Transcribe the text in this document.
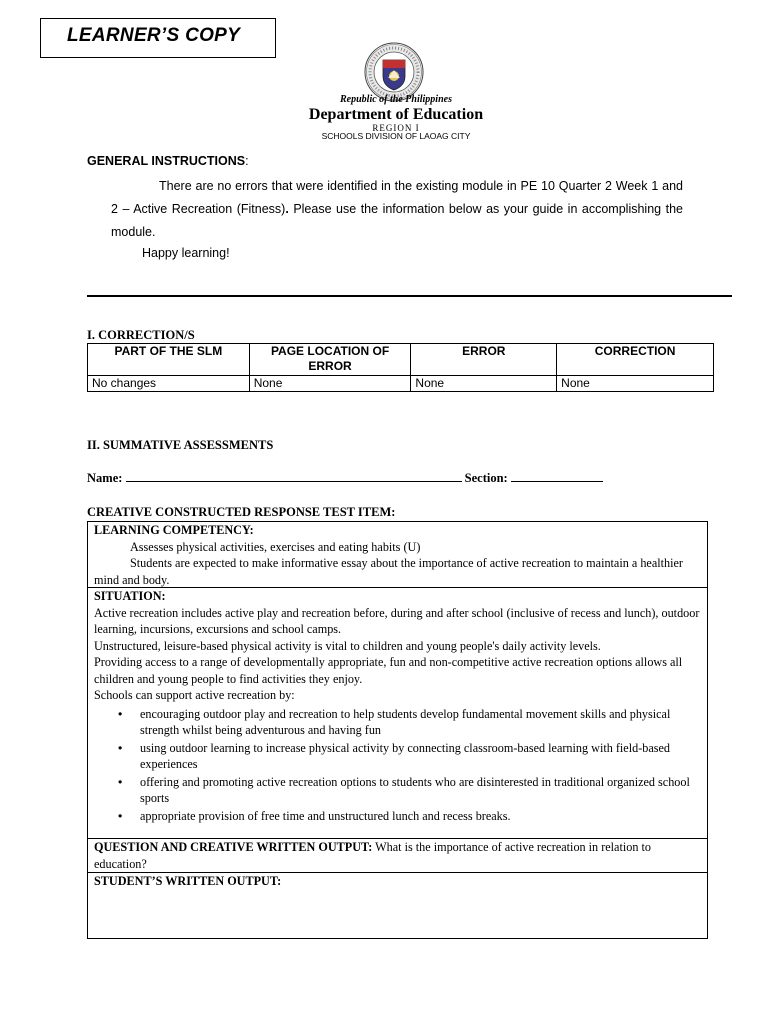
LEARNER’S COPY
Republic of the Philippines
Department of Education
REGION I
SCHOOLS DIVISION OF LAOAG CITY
GENERAL INSTRUCTIONS:
There are no errors that were identified in the existing module in PE 10 Quarter 2 Week 1 and 2 – Active Recreation (Fitness). Please use the information below as your guide in accomplishing the module.
Happy learning!
I. CORRECTION/S
PART OF THE SLM	PAGE LOCATION OF ERROR	ERROR	CORRECTION
No changes	None	None	None
II. SUMMATIVE ASSESSMENTS
Name:	Section:
CREATIVE CONSTRUCTED RESPONSE TEST ITEM:
LEARNING COMPETENCY:
Assesses physical activities, exercises and eating habits (U)
Students are expected to make informative essay about the importance of active recreation to maintain a healthier mind and body.
SITUATION:
Active recreation includes active play and recreation before, during and after school (inclusive of recess and lunch), outdoor learning, incursions, excursions and school camps.
Unstructured, leisure-based physical activity is vital to children and young people's daily activity levels.
Providing access to a range of developmentally appropriate, fun and non-competitive active recreation options allows all children and young people to find activities they enjoy.
Schools can support active recreation by:
• encouraging outdoor play and recreation to help students develop fundamental movement skills and physical strength whilst being adventurous and having fun
• using outdoor learning to increase physical activity by connecting classroom-based learning with field-based experiences
• offering and promoting active recreation options to students who are disinterested in traditional organized school sports
• appropriate provision of free time and unstructured lunch and recess breaks.
QUESTION AND CREATIVE WRITTEN OUTPUT: What is the importance of active recreation in relation to education?
STUDENT’S WRITTEN OUTPUT:
